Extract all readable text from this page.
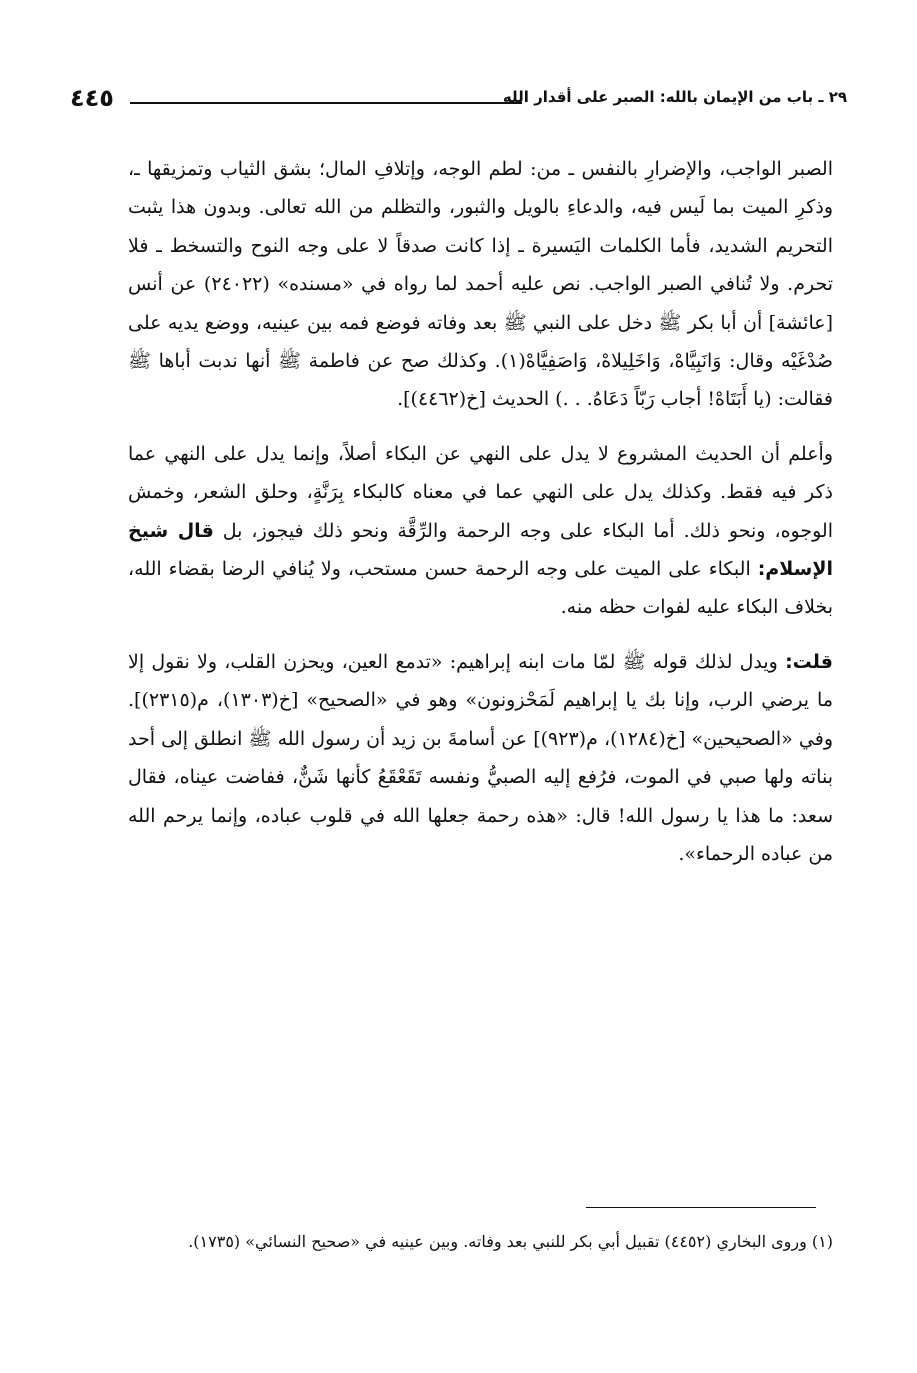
٢٩ ـ باب من الإيمان بالله: الصبر على أقدار الله
٤٤٥

الصبر الواجب، والإضرارِ بالنفس ـ من: لطم الوجه، وإتلافِ المال؛ بشق الثياب وتمزيقها ـ، وذكرِ الميت بما لَيس فيه، والدعاءِ بالويل والثبور، والتظلم من الله تعالى. وبدون هذا يثبت التحريم الشديد، فأما الكلمات اليَسيرة ـ إذا كانت صدقاً لا على وجه النوح والتسخط ـ فلا تحرم. ولا تُنافي الصبر الواجب. نص عليه أحمد لما رواه في «مسنده» (٢٤٠٢٢) عن أنس [عائشة] أن أبا بكر ﷺ دخل على النبي ﷺ بعد وفاته فوضع فمه بين عينيه، ووضع يديه على صُدْغَيْه وقال: وَانَبِيَّاهْ، وَاخَلِيلاهْ، وَاصَفِيَّاهْ(١). وكذلك صح عن فاطمة ﷺ أنها ندبت أباها ﷺ فقالت: (يا أَبَتَاهْ! أجاب رَبّاً دَعَاهُ. . .) الحديث [خ(٤٤٦٢)].

وأعلم أن الحديث المشروع لا يدل على النهي عن البكاء أصلاً، وإنما يدل على النهي عما ذكر فيه فقط. وكذلك يدل على النهي عما في معناه كالبكاء بِرَنَّةٍ، وحلق الشعر، وخمش الوجوه، ونحو ذلك. أما البكاء على وجه الرحمة والرِّقَّة ونحو ذلك فيجوز، بل قال شيخ الإسلام: البكاء على الميت على وجه الرحمة حسن مستحب، ولا يُنافي الرضا بقضاء الله، بخلاف البكاء عليه لفوات حظه منه.

قلت: ويدل لذلك قوله ﷺ لمّا مات ابنه إبراهيم: «تدمع العين، ويحزن القلب، ولا نقول إلا ما يرضي الرب، وإنا بك يا إبراهيم لَمَحْزونون» وهو في «الصحيح» [خ(١٣٠٣)، م(٢٣١٥)]. وفي «الصحيحين» [خ(١٢٨٤)، م(٩٢٣)] عن أسامةَ بن زيد أن رسول الله ﷺ انطلق إلى أحد بناته ولها صبي في الموت، فرُفع إليه الصبيُّ ونفسه تَقَعْقَعُ كأنها شَنٌّ، ففاضت عيناه، فقال سعد: ما هذا يا رسول الله! قال: «هذه رحمة جعلها الله في قلوب عباده، وإنما يرحم الله من عباده الرحماء».

(١) وروى البخاري (٤٤٥٢) تقبيل أبي بكر للنبي بعد وفاته. وبين عينيه في «صحيح النسائي» (١٧٣٥).
